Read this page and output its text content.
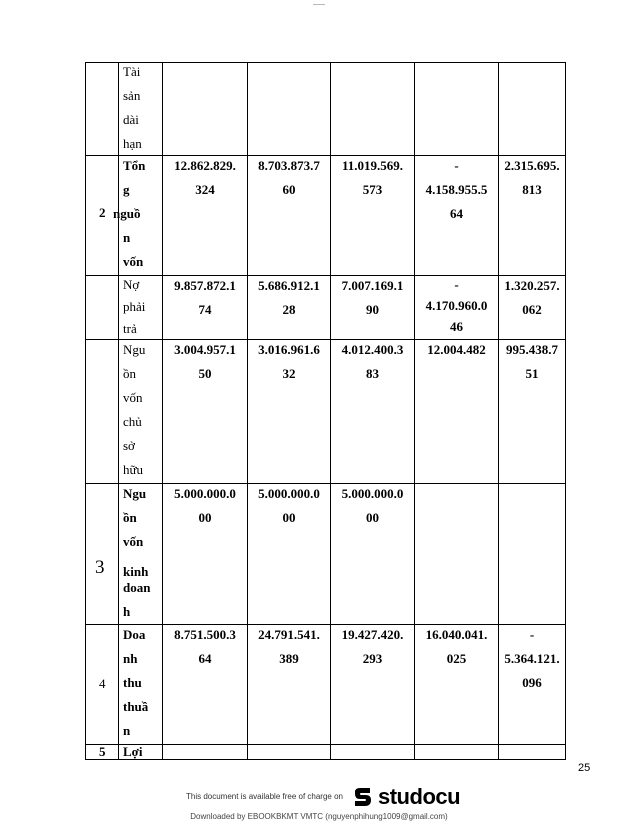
Tài
sản
dài
hạn
2
Tổn
g
nguồ
n
vốn
12.862.829.
324
8.703.873.7
60
11.019.569.
573
-
4.158.955.5
64
2.315.695.
813
Nợ
phải
trả
9.857.872.1
74
5.686.912.1
28
7.007.169.1
90
-
4.170.960.0
46
1.320.257.
062
Ngu
ồn
vốn
chủ
sở
hữu
3.004.957.1
50
3.016.961.6
32
4.012.400.3
83
12.004.482	995.438.7
51
3
Ngu
ồn
vốn
kinh
doan
h
5.000.000.0
00
5.000.000.0
00
5.000.000.0
00
4
Doa
nh
thu
thuầ
n
8.751.500.3
64
24.791.541.
389
19.427.420.
293
16.040.041.
025
-
5.364.121.
096
5 Lợi
25
This document is available free of charge on studocu
Downloaded by EBOOKBKMT VMTC (nguyenphihung1009@gmail.com)
